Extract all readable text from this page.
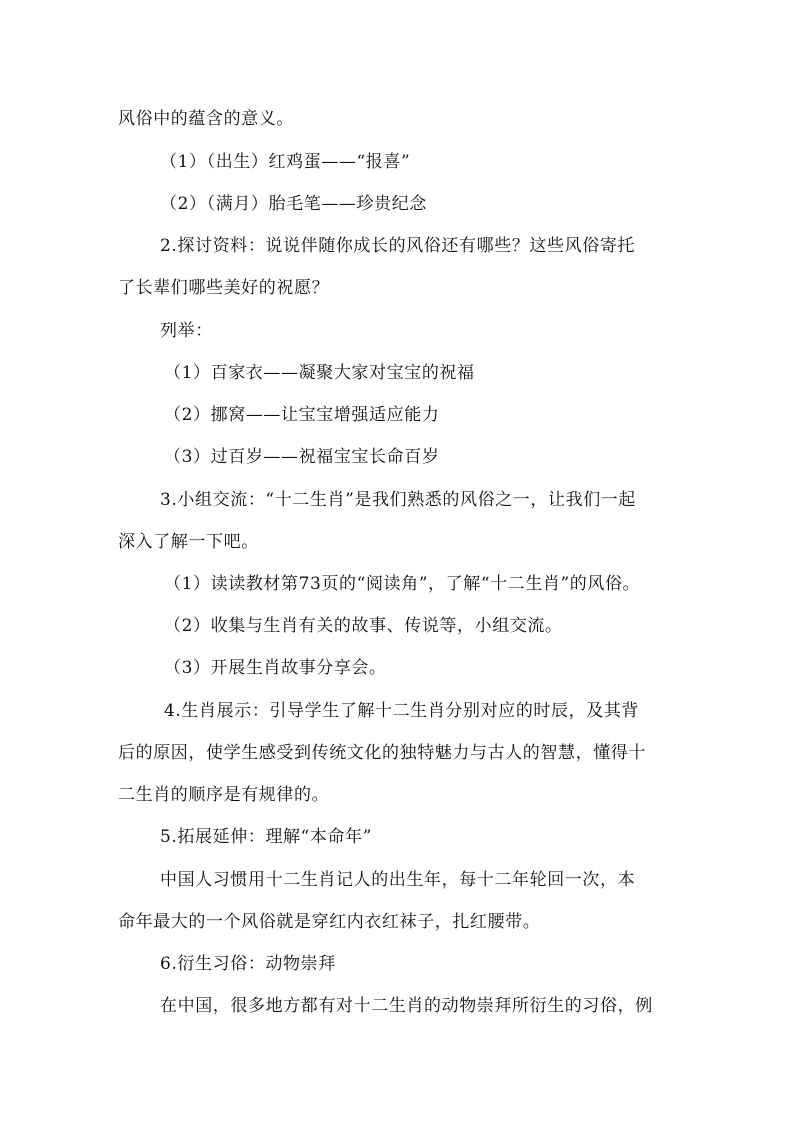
风俗中的蕴含的意义。
（1）（出生）红鸡蛋——“报喜”
（2）（满月）胎毛笔——珍贵纪念
2.探讨资料：说说伴随你成长的风俗还有哪些？这些风俗寄托
了长辈们哪些美好的祝愿？
列举：
（1）百家衣——凝聚大家对宝宝的祝福
（2）挪窝——让宝宝增强适应能力
（3）过百岁——祝福宝宝长命百岁
3.小组交流：“十二生肖”是我们熟悉的风俗之一，让我们一起
深入了解一下吧。
（1）读读教材第73页的“阅读角”，了解“十二生肖”的风俗。
（2）收集与生肖有关的故事、传说等，小组交流。
（3）开展生肖故事分享会。
4.生肖展示：引导学生了解十二生肖分别对应的时辰，及其背
后的原因，使学生感受到传统文化的独特魅力与古人的智慧，懂得十
二生肖的顺序是有规律的。
5.拓展延伸：理解“本命年”
中国人习惯用十二生肖记人的出生年，每十二年轮回一次，本
命年最大的一个风俗就是穿红内衣红袜子，扎红腰带。
6.衍生习俗：动物崇拜
在中国，很多地方都有对十二生肖的动物崇拜所衍生的习俗，例
